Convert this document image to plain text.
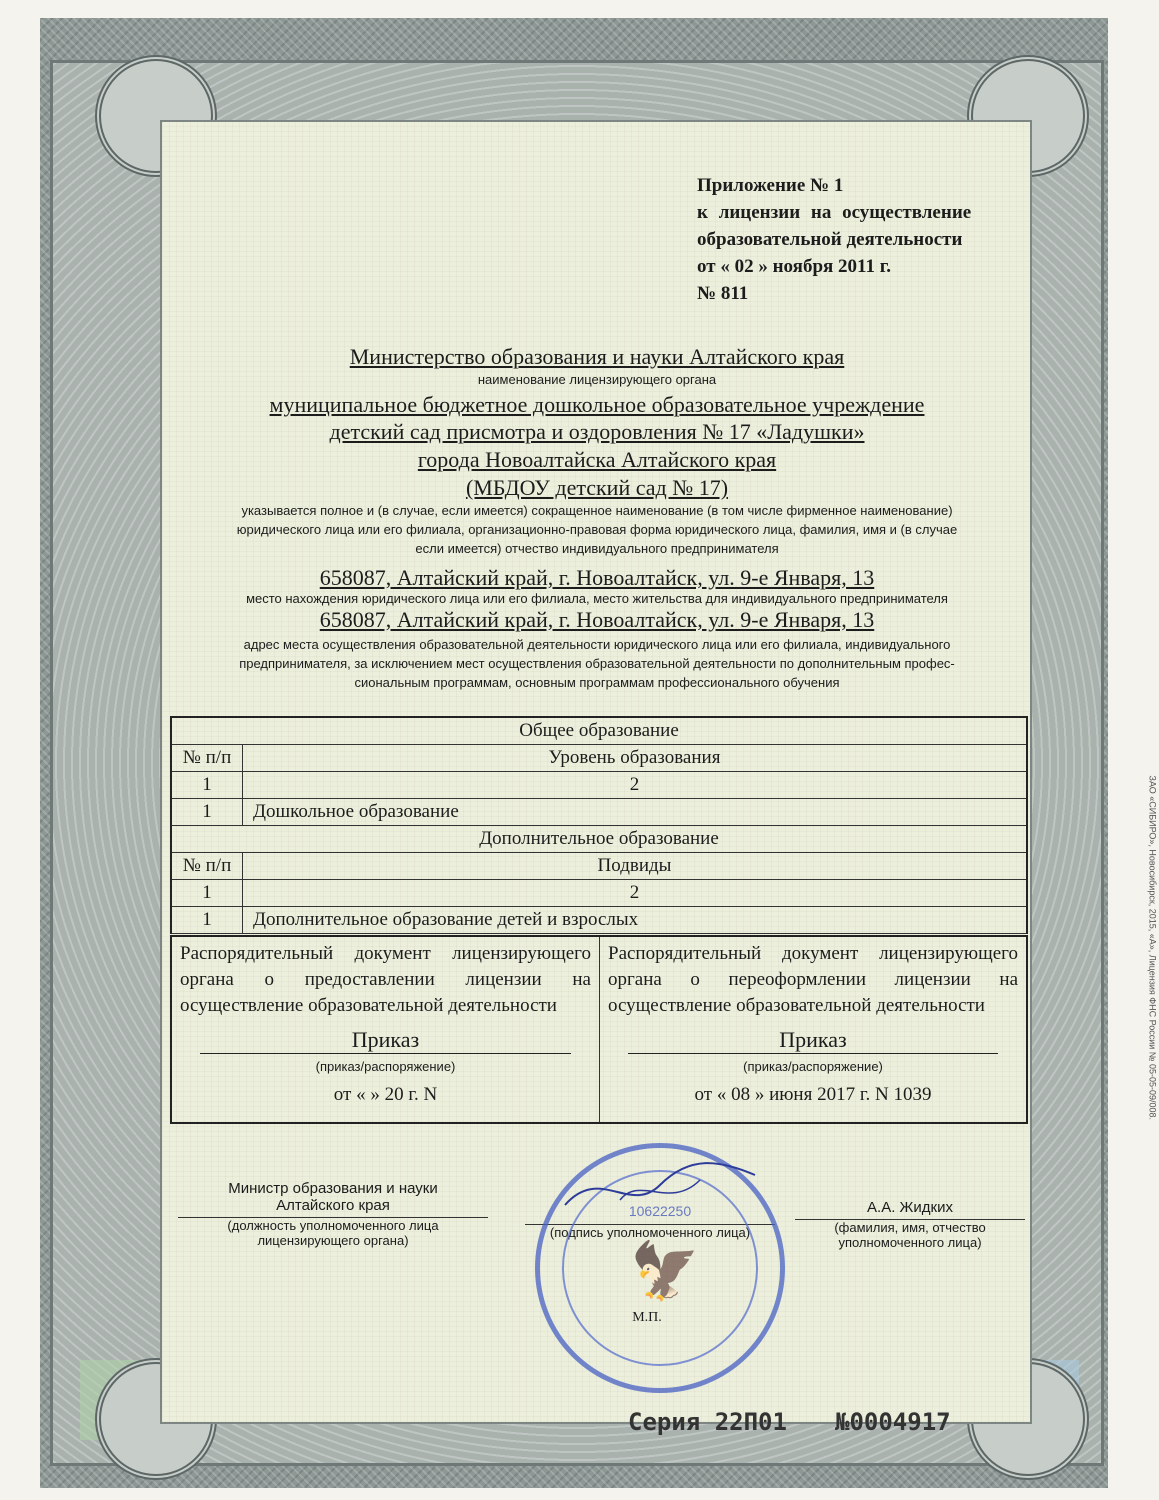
Приложение № 1
к лицензии на осуществление
образовательной деятельности
от « 02 » ноября 2011 г.
№ 811
Министерство образования и науки Алтайского края
наименование лицензирующего органа
муниципальное бюджетное дошкольное образовательное учреждение
детский сад присмотра и оздоровления № 17 «Ладушки»
города Новоалтайска Алтайского края
(МБДОУ детский сад № 17)
указывается полное и (в случае, если имеется) сокращенное наименование (в том числе фирменное наименование)
юридического лица или его филиала, организационно-правовая форма юридического лица, фамилия, имя и (в случае
если имеется) отчество индивидуального предпринимателя
658087, Алтайский край, г. Новоалтайск, ул. 9-е Января, 13
место нахождения юридического лица или его филиала, место жительства для индивидуального предпринимателя
658087, Алтайский край, г. Новоалтайск, ул. 9-е Января, 13
адрес места осуществления образовательной деятельности юридического лица или его филиала, индивидуального
предпринимателя, за исключением мест осуществления образовательной деятельности по дополнительным профес-
сиональным программам, основным программам профессионального обучения
Общее образование
№ п/п	Уровень образования
1	2
1	Дошкольное образование
Дополнительное образование
№ п/п	Подвиды
1	2
1	Дополнительное образование детей и взрослых
Распорядительный документ лицензирующего органа о предоставлении лицензии на осуществление образовательной деятельности
Приказ
(приказ/распоряжение)
от « » 20 г. N
Распорядительный документ лицензирующего органа о переоформлении лицензии на осуществление образовательной деятельности
Приказ
(приказ/распоряжение)
от « 08 » июня 2017 г. N 1039
Министр образования и науки
Алтайского края
(должность уполномоченного лица
лицензирующего органа)
(подпись уполномоченного лица)
А.А. Жидких
(фамилия, имя, отчество
уполномоченного лица)
10622250
🦅
М.П.
Серия 22П01 №0004917
ЗАО «СИБИРО», Новосибирск, 2015, «А», Лицензия ФНС России № 05-05-09/008.
